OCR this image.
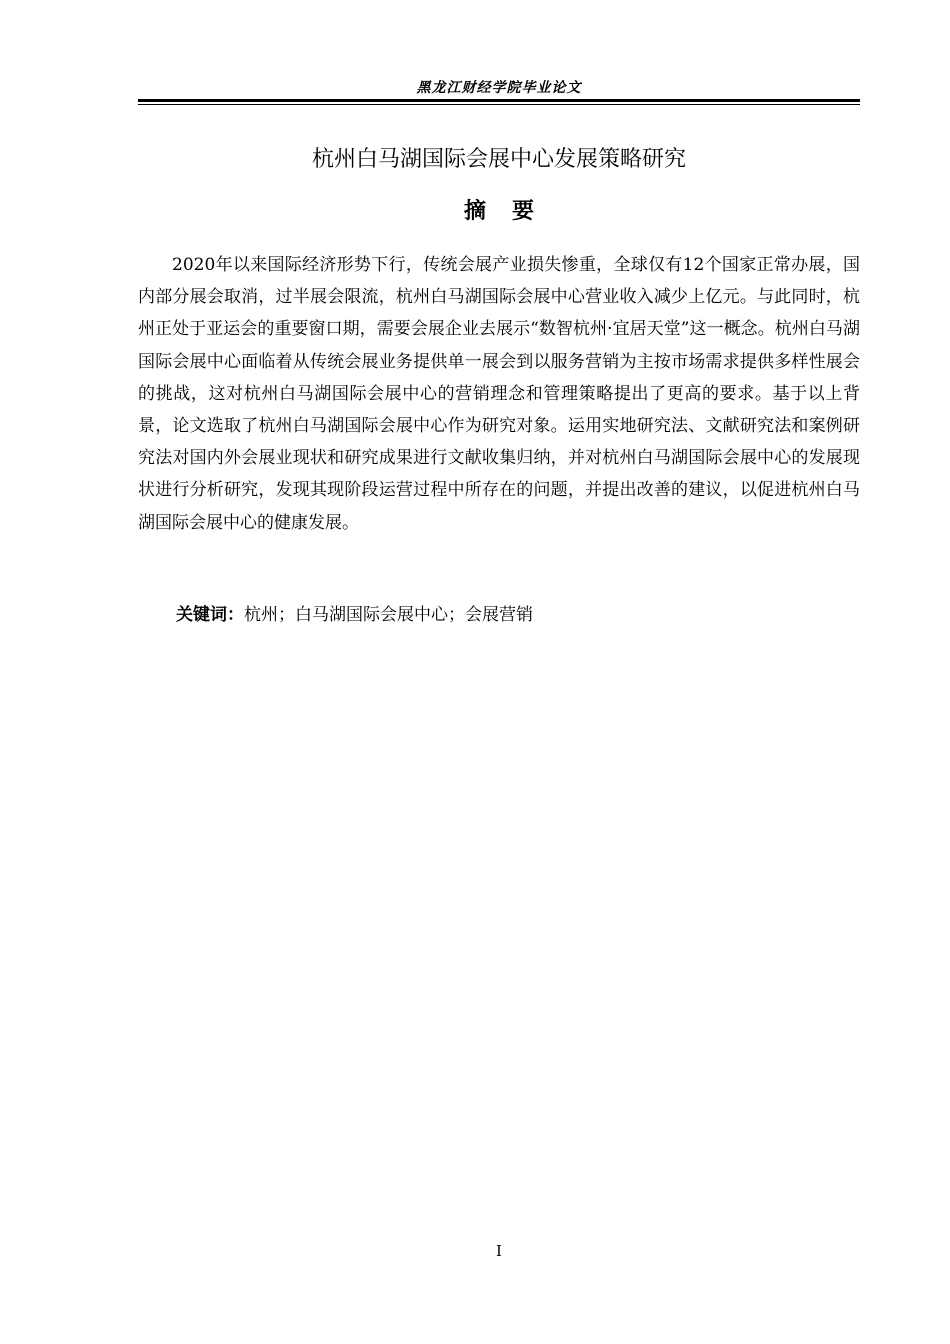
黑龙江财经学院毕业论文
杭州白马湖国际会展中心发展策略研究
摘要

2020年以来国际经济形势下行，传统会展产业损失惨重，全球仅有12个国家正常办展，国内部分展会取消，过半展会限流，杭州白马湖国际会展中心营业收入减少上亿元。与此同时，杭州正处于亚运会的重要窗口期，需要会展企业去展示“数智杭州·宜居天堂”这一概念。杭州白马湖国际会展中心面临着从传统会展业务提供单一展会到以服务营销为主按市场需求提供多样性展会的挑战，这对杭州白马湖国际会展中心的营销理念和管理策略提出了更高的要求。基于以上背景，论文选取了杭州白马湖国际会展中心作为研究对象。运用实地研究法、文献研究法和案例研究法对国内外会展业现状和研究成果进行文献收集归纳，并对杭州白马湖国际会展中心的发展现状进行分析研究，发现其现阶段运营过程中所存在的问题，并提出改善的建议，以促进杭州白马湖国际会展中心的健康发展。

关键词：杭州；白马湖国际会展中心；会展营销
I
